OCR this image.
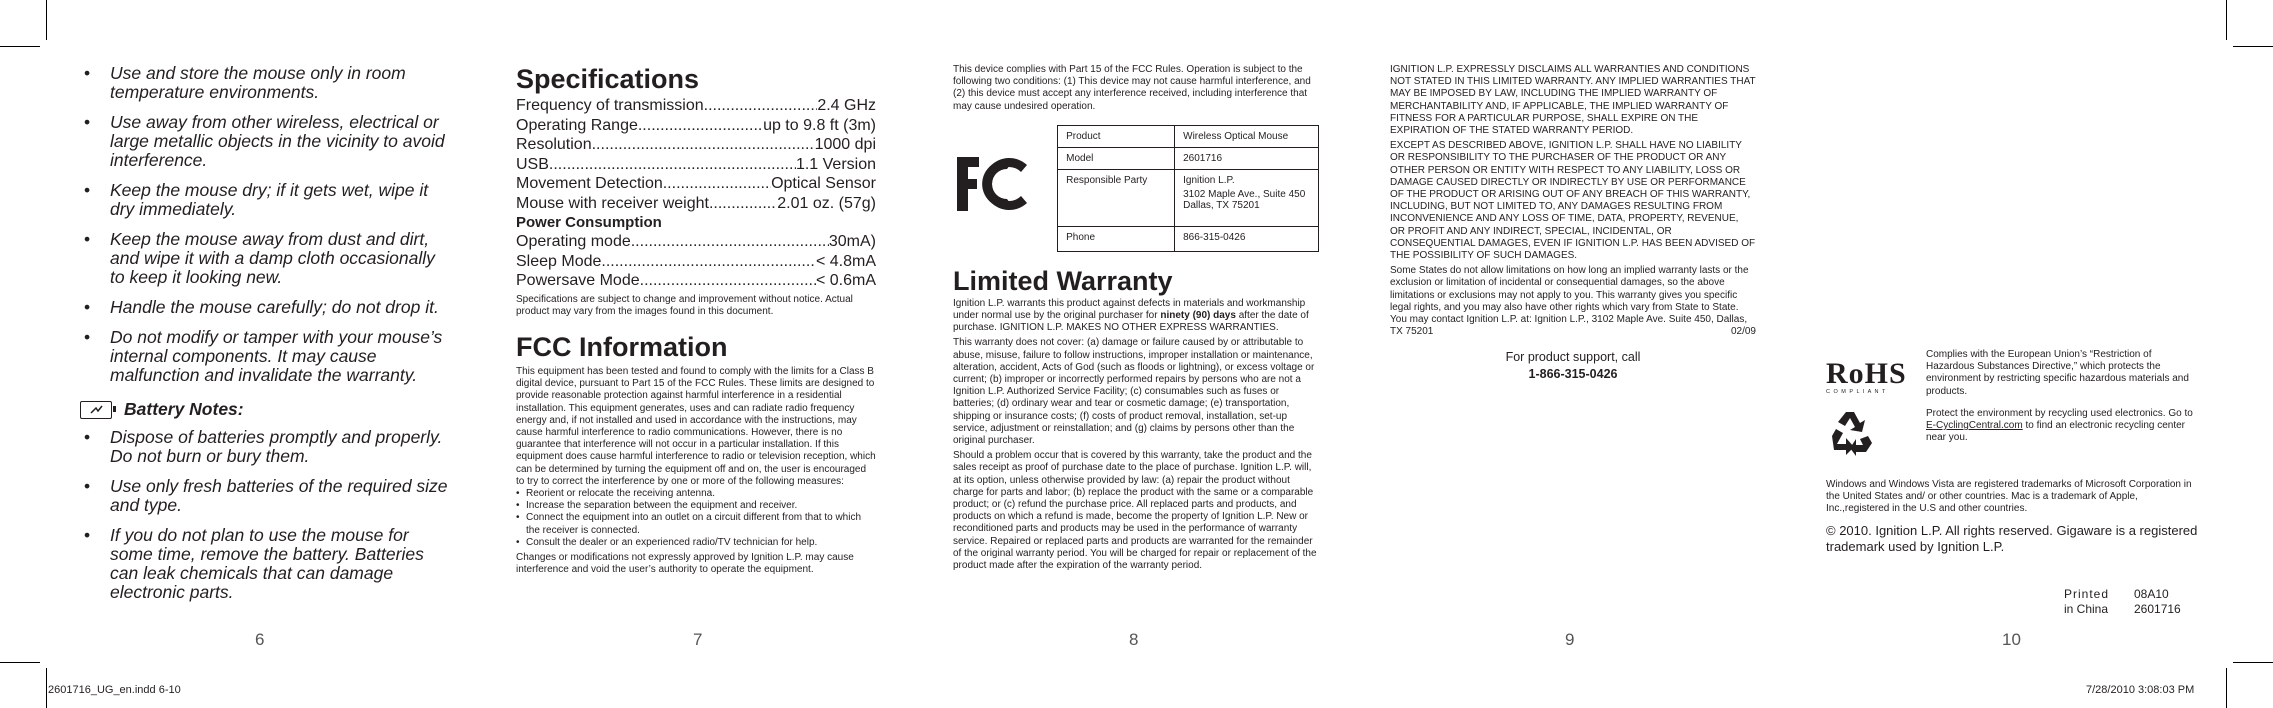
• Use and store the mouse only in room temperature environments.
• Use away from other wireless, electrical or large metallic objects in the vicinity to avoid interference.
• Keep the mouse dry; if it gets wet, wipe it dry immediately.
• Keep the mouse away from dust and dirt, and wipe it with a damp cloth occasionally to keep it looking new.
• Handle the mouse carefully; do not drop it.
• Do not modify or tamper with your mouse’s internal components. It may cause malfunction and invalidate the warranty.
Battery Notes:
• Dispose of batteries promptly and properly. Do not burn or bury them.
• Use only fresh batteries of the required size and type.
• If you do not plan to use the mouse for some time, remove the battery. Batteries can leak chemicals that can damage electronic parts.
6
Specifications
Frequency of transmission .....	2.4 GHz
Operating Range .....	up to 9.8 ft (3m)
Resolution .....	1000 dpi
USB .....	1.1 Version
Movement Detection .....	Optical Sensor
Mouse with receiver weight .....	2.01 oz. (57g)
Power Consumption
Operating mode .....	30mA)
Sleep Mode .....	< 4.8mA
Powersave Mode .....	< 0.6mA
Specifications are subject to change and improvement without notice. Actual product may vary from the images found in this document.
FCC Information
This equipment has been tested and found to comply with the limits for a Class B digital device, pursuant to Part 15 of the FCC Rules. These limits are designed to provide reasonable protection against harmful interference in a residential installation. This equipment generates, uses and can radiate radio frequency energy and, if not installed and used in accordance with the instructions, may cause harmful interference to radio communications. However, there is no guarantee that interference will not occur in a particular installation. If this equipment does cause harmful interference to radio or television reception, which can be determined by turning the equipment off and on, the user is encouraged to try to correct the interference by one or more of the following measures:
• Reorient or relocate the receiving antenna.
• Increase the separation between the equipment and receiver.
• Connect the equipment into an outlet on a circuit different from that to which the receiver is connected.
• Consult the dealer or an experienced radio/TV technician for help.
Changes or modifications not expressly approved by Ignition L.P. may cause interference and void the user’s authority to operate the equipment.
7
This device complies with Part 15 of the FCC Rules. Operation is subject to the following two conditions: (1) This device may not cause harmful interference, and (2) this device must accept any interference received, including interference that may cause undesired operation.
Product	Wireless Optical Mouse
Model	2601716
Responsible Party	Ignition L.P.
3102 Maple Ave., Suite 450
Dallas, TX 75201

Phone	866-315-0426
Limited Warranty

Ignition L.P. warrants this product against defects in materials and workmanship under normal use by the original purchaser for ninety (90) days after the date of purchase. IGNITION L.P. MAKES NO OTHER EXPRESS WARRANTIES.

This warranty does not cover: (a) damage or failure caused by or attributable to abuse, misuse, failure to follow instructions, improper installation or maintenance, alteration, accident, Acts of God (such as floods or lightning), or excess voltage or current; (b) improper or incorrectly performed repairs by persons who are not a Ignition L.P. Authorized Service Facility; (c) consumables such as fuses or batteries; (d) ordinary wear and tear or cosmetic damage; (e) transportation, shipping or insurance costs; (f) costs of product removal, installation, set-up service, adjustment or reinstallation; and (g) claims by persons other than the original purchaser.

Should a problem occur that is covered by this warranty, take the product and the sales receipt as proof of purchase date to the place of purchase. Ignition L.P. will, at its option, unless otherwise provided by law: (a) repair the product without charge for parts and labor; (b) replace the product with the same or a comparable product; or (c) refund the purchase price. All replaced parts and products, and products on which a refund is made, become the property of Ignition L.P. New or reconditioned parts and products may be used in the performance of warranty service. Repaired or replaced parts and products are warranted for the remainder of the original warranty period. You will be charged for repair or replacement of the product made after the expiration of the warranty period.

8

IGNITION L.P. EXPRESSLY DISCLAIMS ALL WARRANTIES AND CONDITIONS NOT STATED IN THIS LIMITED WARRANTY. ANY IMPLIED WARRANTIES THAT MAY BE IMPOSED BY LAW, INCLUDING THE IMPLIED WARRANTY OF MERCHANTABILITY AND, IF APPLICABLE, THE IMPLIED WARRANTY OF FITNESS FOR A PARTICULAR PURPOSE, SHALL EXPIRE ON THE EXPIRATION OF THE STATED WARRANTY PERIOD.

EXCEPT AS DESCRIBED ABOVE, IGNITION L.P. SHALL HAVE NO LIABILITY OR RESPONSIBILITY TO THE PURCHASER OF THE PRODUCT OR ANY OTHER PERSON OR ENTITY WITH RESPECT TO ANY LIABILITY, LOSS OR DAMAGE CAUSED DIRECTLY OR INDIRECTLY BY USE OR PERFORMANCE OF THE PRODUCT OR ARISING OUT OF ANY BREACH OF THIS WARRANTY, INCLUDING, BUT NOT LIMITED TO, ANY DAMAGES RESULTING FROM INCONVENIENCE AND ANY LOSS OF TIME, DATA, PROPERTY, REVENUE, OR PROFIT AND ANY INDIRECT, SPECIAL, INCIDENTAL, OR CONSEQUENTIAL DAMAGES, EVEN IF IGNITION L.P. HAS BEEN ADVISED OF THE POSSIBILITY OF SUCH DAMAGES.

Some States do not allow limitations on how long an implied warranty lasts or the exclusion or limitation of incidental or consequential damages, so the above limitations or exclusions may not apply to you. This warranty gives you specific legal rights, and you may also have other rights which vary from State to State. You may contact Ignition L.P. at: Ignition L.P., 3102 Maple Ave. Suite 450, Dallas, TX 75201	02/09

For product support, call
1-866-315-0426
9
RoHS
C O M P L I A N T
Complies with the European Union’s “Restriction of Hazardous Substances Directive,” which protects the environment by restricting specific hazardous materials and products.
Protect the environment by recycling used electronics. Go to E-CyclingCentral.com to find an electronic recycling center near you.
Windows and Windows Vista are registered trademarks of Microsoft Corporation in the United States and/ or other countries. Mac is a trademark of Apple, Inc.,registered in the U.S and other countries.
© 2010. Ignition L.P. All rights reserved. Gigaware is a registered trademark used by Ignition L.P.
Printed 08A10
in China 2601716
10
2601716_UG_en.indd 6-10	7/28/2010 3:08:03 PM
